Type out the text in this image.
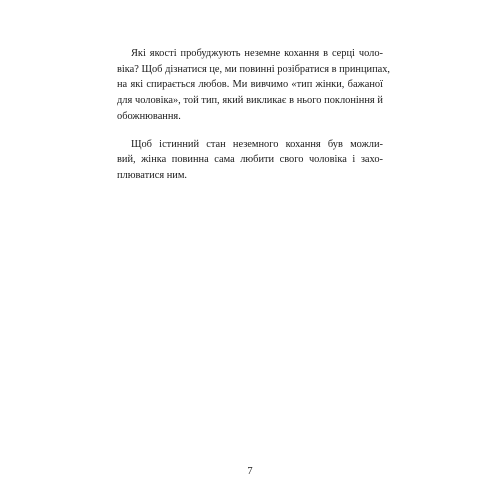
Які якості пробуджують неземне кохання в серці чоло-
віка? Щоб дізнатися це, ми повинні розібратися в принципах,
на які спирається любов. Ми вивчимо «тип жінки, бажаної
для чоловіка», той тип, який викликає в нього поклоніння й
обожнювання.

Щоб істинний стан неземного кохання був можли-
вий, жінка повинна сама любити свого чоловіка і захо-
плюватися ним.

7
